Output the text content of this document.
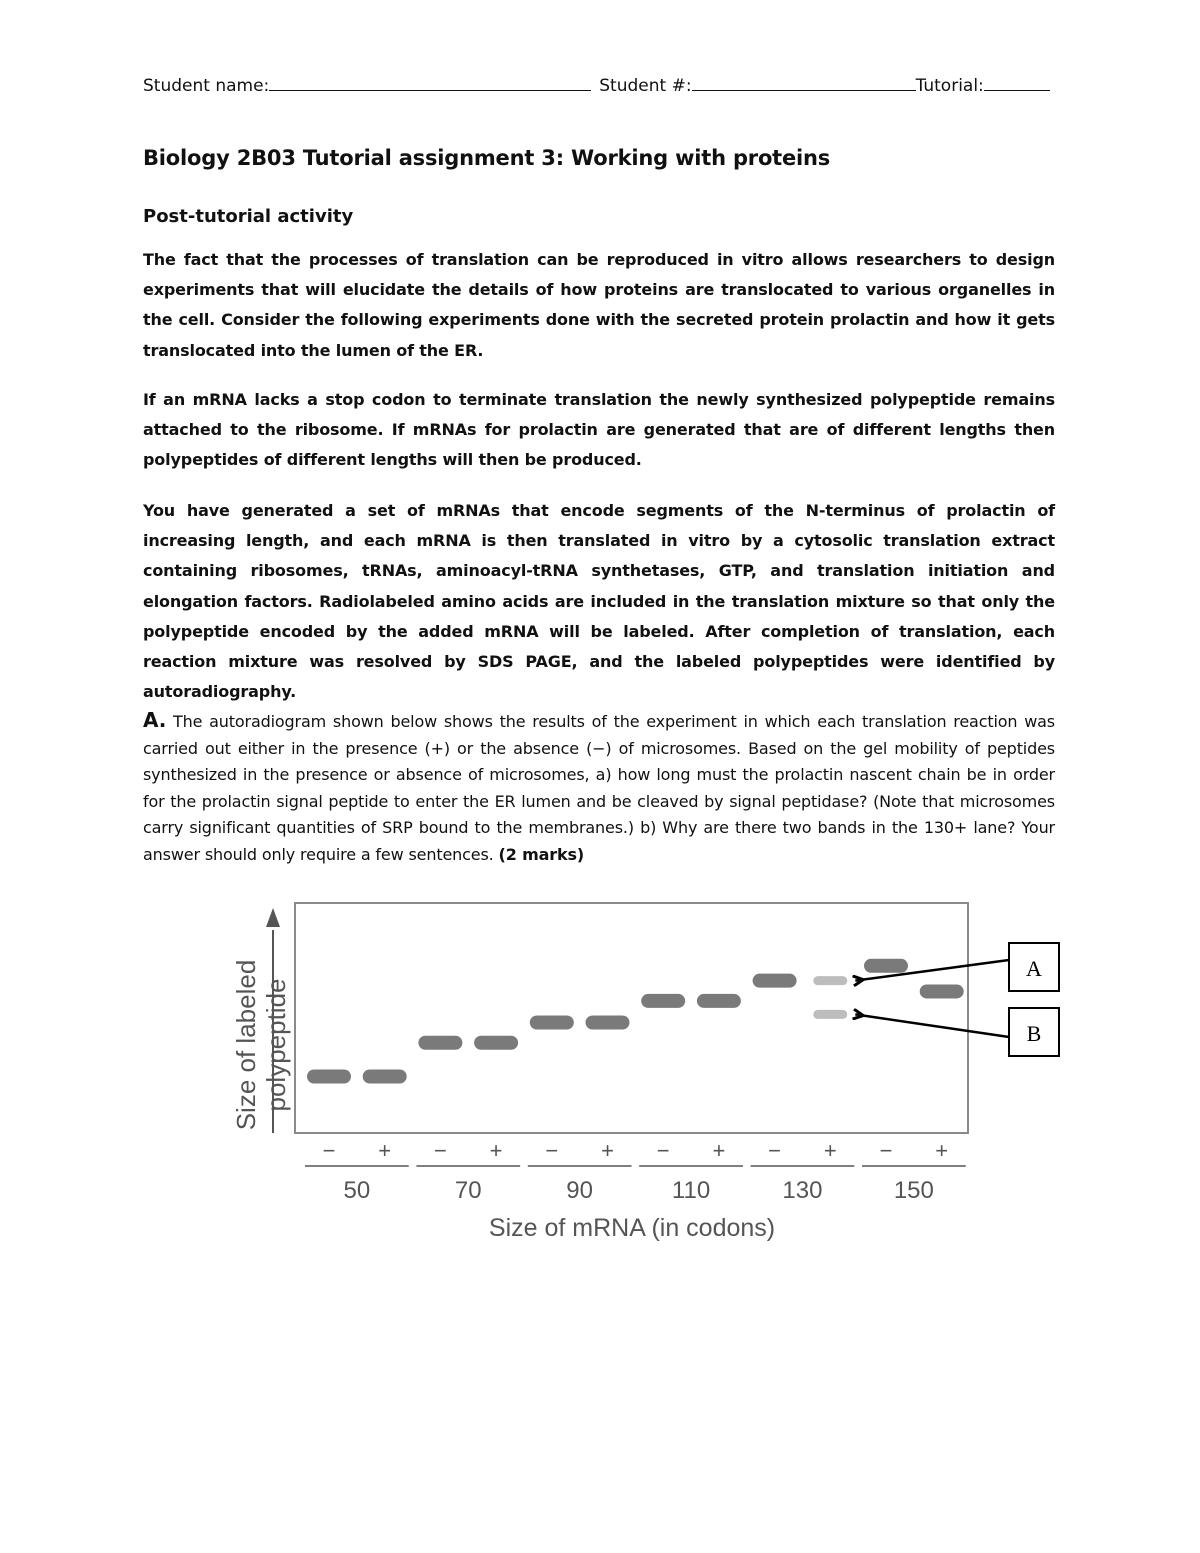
Student name:	Student #:	Tutorial:
Biology 2B03 Tutorial assignment 3: Working with proteins
Post-tutorial activity

The fact that the processes of translation can be reproduced in vitro allows researchers to design experiments that will elucidate the details of how proteins are translocated to various organelles in the cell. Consider the following experiments done with the secreted protein prolactin and how it gets translocated into the lumen of the ER.

If an mRNA lacks a stop codon to terminate translation the newly synthesized polypeptide remains attached to the ribosome. If mRNAs for prolactin are generated that are of different lengths then polypeptides of different lengths will then be produced.

You have generated a set of mRNAs that encode segments of the N-terminus of prolactin of increasing length, and each mRNA is then translated in vitro by a cytosolic translation extract containing ribosomes, tRNAs, aminoacyl-tRNA synthetases, GTP, and translation initiation and elongation factors. Radiolabeled amino acids are included in the translation mixture so that only the polypeptide encoded by the added mRNA will be labeled. After completion of translation, each reaction mixture was resolved by SDS PAGE, and the labeled polypeptides were identified by autoradiography.

A. The autoradiogram shown below shows the results of the experiment in which each translation reaction was carried out either in the presence (+) or the absence (−) of microsomes. Based on the gel mobility of peptides synthesized in the presence or absence of microsomes, a) how long must the prolactin nascent chain be in order for the prolactin signal peptide to enter the ER lumen and be cleaved by signal peptidase? (Note that microsomes carry significant quantities of SRP bound to the membranes.) b) Why are there two bands in the 130+ lane? Your answer should only require a few sentences. (2 marks)

Size of labeled polypeptide
− +
50
− +
70
− +
90
− +
110
− +
130
− +
150
Size of mRNA (in codons)
A
B
